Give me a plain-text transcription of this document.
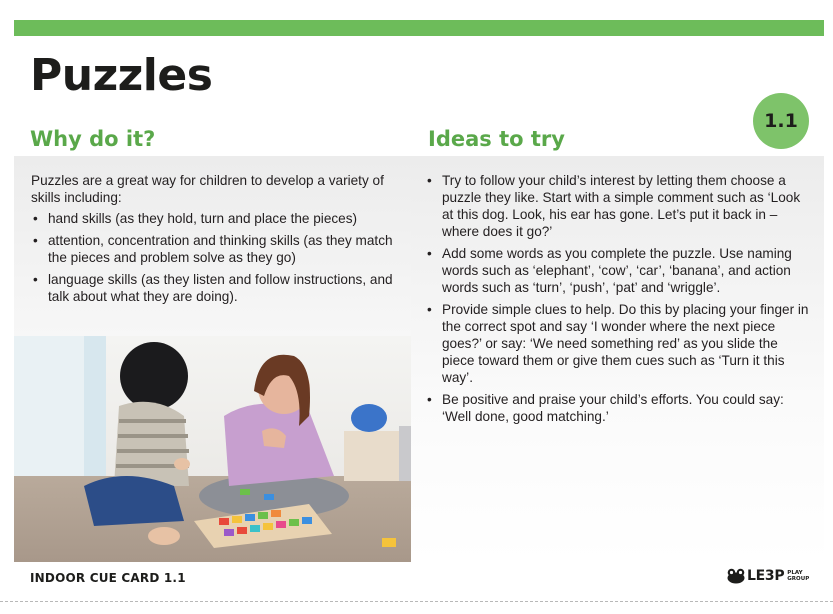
Puzzles
1.1
Why do it?	Ideas to try

Puzzles are a great way for children to develop a variety of skills including:

• hand skills (as they hold, turn and place the pieces)
• attention, concentration and thinking skills (as they match the pieces and problem solve as they go)
• language skills (as they listen and follow instructions, and talk about what they are doing).
• Try to follow your child’s interest by letting them choose a puzzle they like. Start with a simple comment such as ‘Look at this dog. Look, his ear has gone. Let’s put it back in – where does it go?’
• Add some words as you complete the puzzle. Use naming words such as ‘elephant’, ‘cow’, ‘car’, ‘banana’, and action words such as ‘turn’, ‘push’, ‘pat’ and ‘wriggle’.
• Provide simple clues to help. Do this by placing your finger in the correct spot and say ‘I wonder where the next piece goes?’ or say: ‘We need something red’ as you slide the piece toward them or give them cues such as ‘Turn it this way’.
• Be positive and praise your child’s efforts. You could say: ‘Well done, good matching.’
INDOOR CUE CARD 1.1	LE3P PLAY
GROUP
